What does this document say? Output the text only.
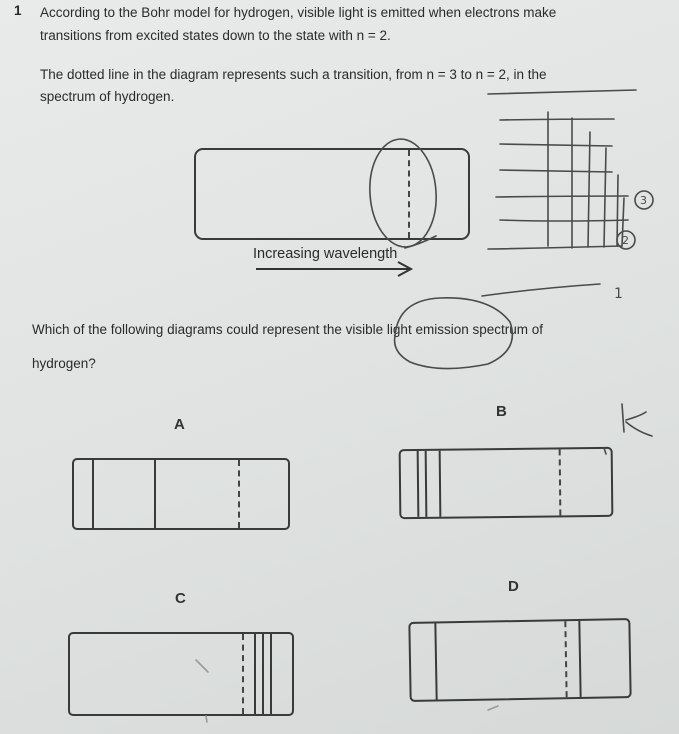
1 According to the Bohr model for hydrogen, visible light is emitted when electrons make
transitions from excited states down to the state with n = 2.
The dotted line in the diagram represents such a transition, from n = 3 to n = 2, in the
spectrum of hydrogen.
Increasing wavelength
Which of the following diagrams could represent the visible light emission spectrum of
hydrogen?
A
B
C
D
3
2
1
